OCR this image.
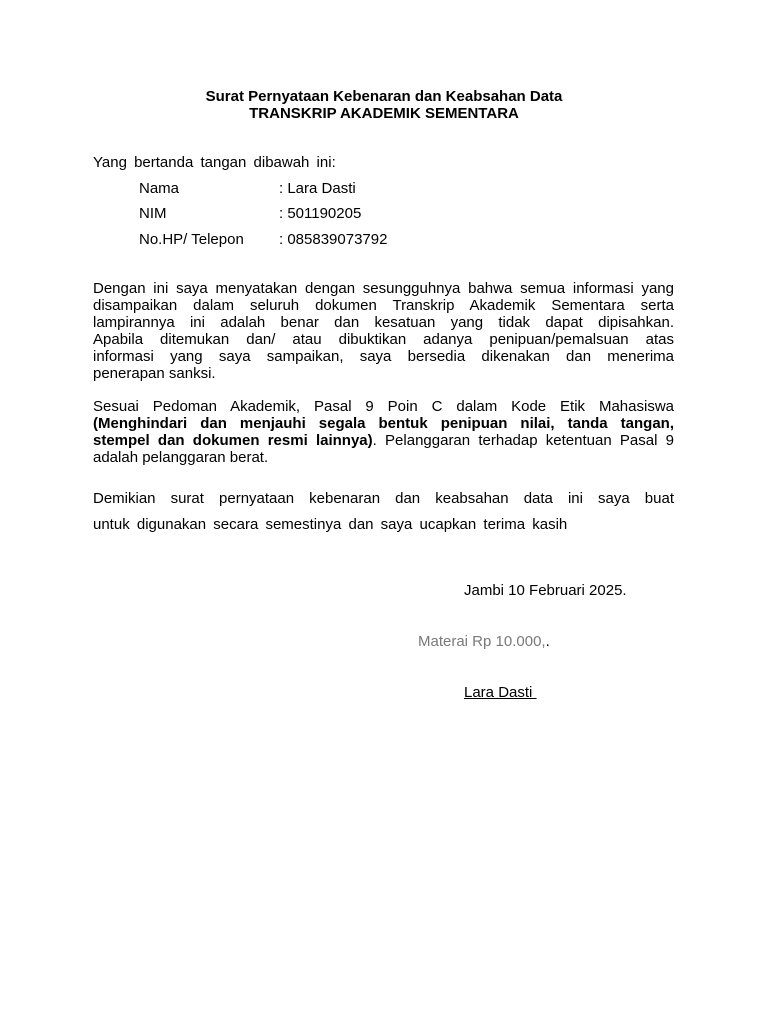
Surat Pernyataan Kebenaran dan Keabsahan Data
TRANSKRIP AKADEMIK SEMENTARA
Yang bertanda tangan dibawah ini:
Nama	: Lara Dasti
NIM	: 501190205
No.HP/ Telepon : 085839073792
Dengan ini saya menyatakan dengan sesungguhnya bahwa semua informasi yang
disampaikan dalam seluruh dokumen Transkrip Akademik Sementara serta
lampirannya ini adalah benar dan kesatuan yang tidak dapat dipisahkan.
Apabila ditemukan dan/ atau dibuktikan adanya penipuan/pemalsuan atas
informasi yang saya sampaikan, saya bersedia dikenakan dan menerima
penerapan sanksi.
Sesuai Pedoman Akademik, Pasal 9 Poin C dalam Kode Etik Mahasiswa
(Menghindari dan menjauhi segala bentuk penipuan nilai, tanda tangan,
stempel dan dokumen resmi lainnya). Pelanggaran terhadap ketentuan Pasal 9
adalah pelanggaran berat.
Demikian surat pernyataan kebenaran dan keabsahan data ini saya buat
untuk digunakan secara semestinya dan saya ucapkan terima kasih
Jambi 10 Februari 2025.
Materai Rp 10.000,.
Lara Dasti
